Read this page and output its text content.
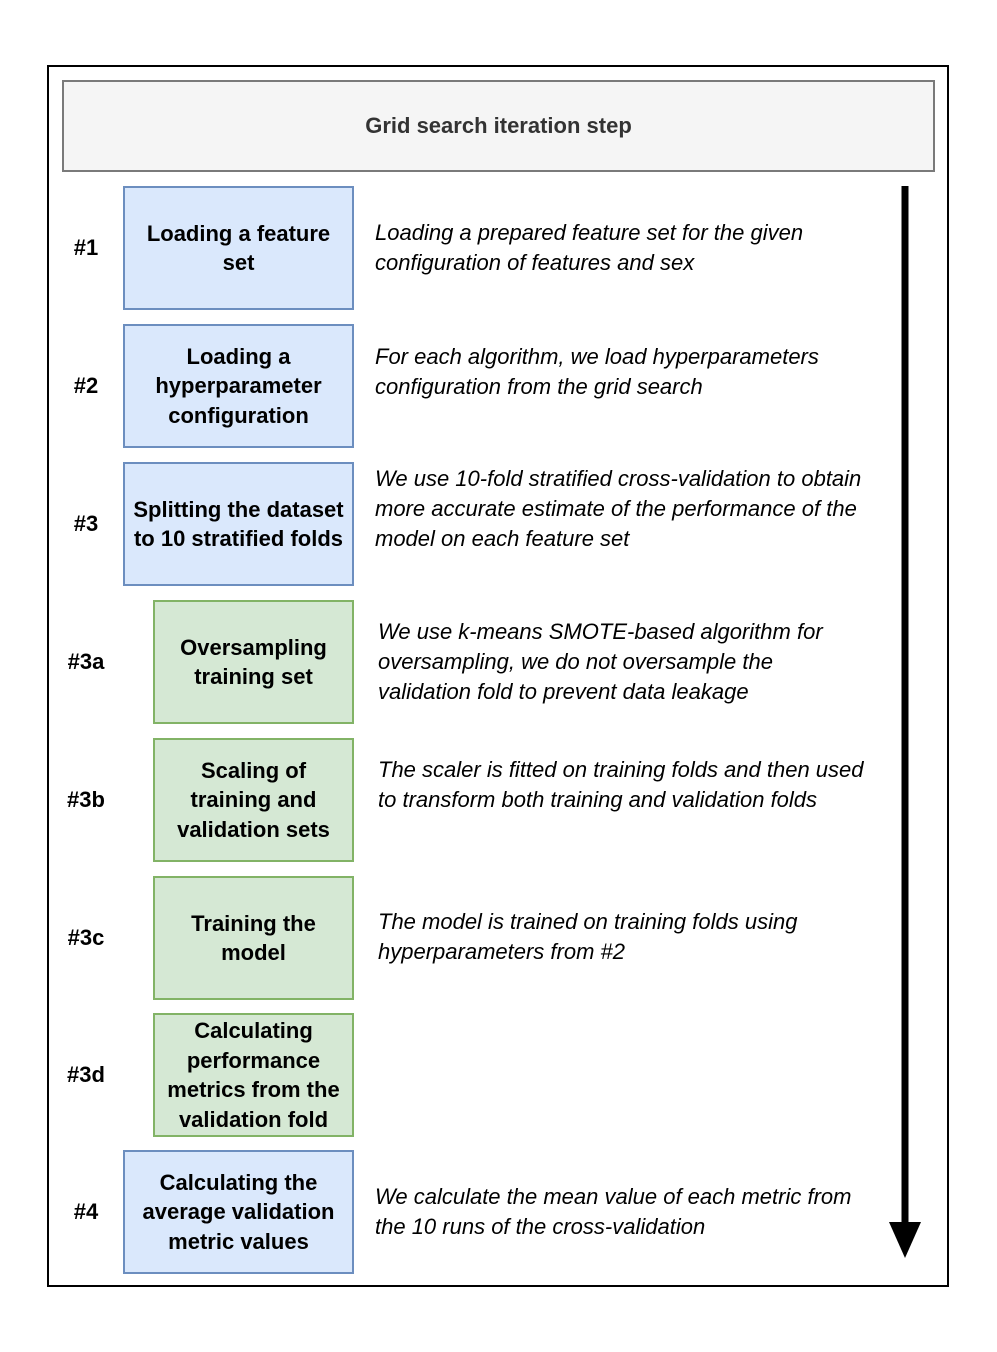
Grid search iteration step
#1
Loading a feature set
Loading a prepared feature set for the given configuration of features and sex
#2
Loading a hyperparameter configuration
For each algorithm, we load hyperparameters configuration from the grid search
#3
Splitting the dataset to 10 stratified folds
We use 10-fold stratified cross-validation to obtain more accurate estimate of the performance of the model on each feature set
#3a
Oversampling training set
We use k-means SMOTE-based algorithm for oversampling, we do not oversample the validation fold to prevent data leakage
#3b
Scaling of training and validation sets
The scaler is fitted on training folds and then used to transform both training and validation folds
#3c
Training the model
The model is trained on training folds using hyperparameters from #2
#3d
Calculating performance metrics from the validation fold
#4
Calculating the average validation metric values
We calculate the mean value of each metric from the 10 runs of the cross-validation
